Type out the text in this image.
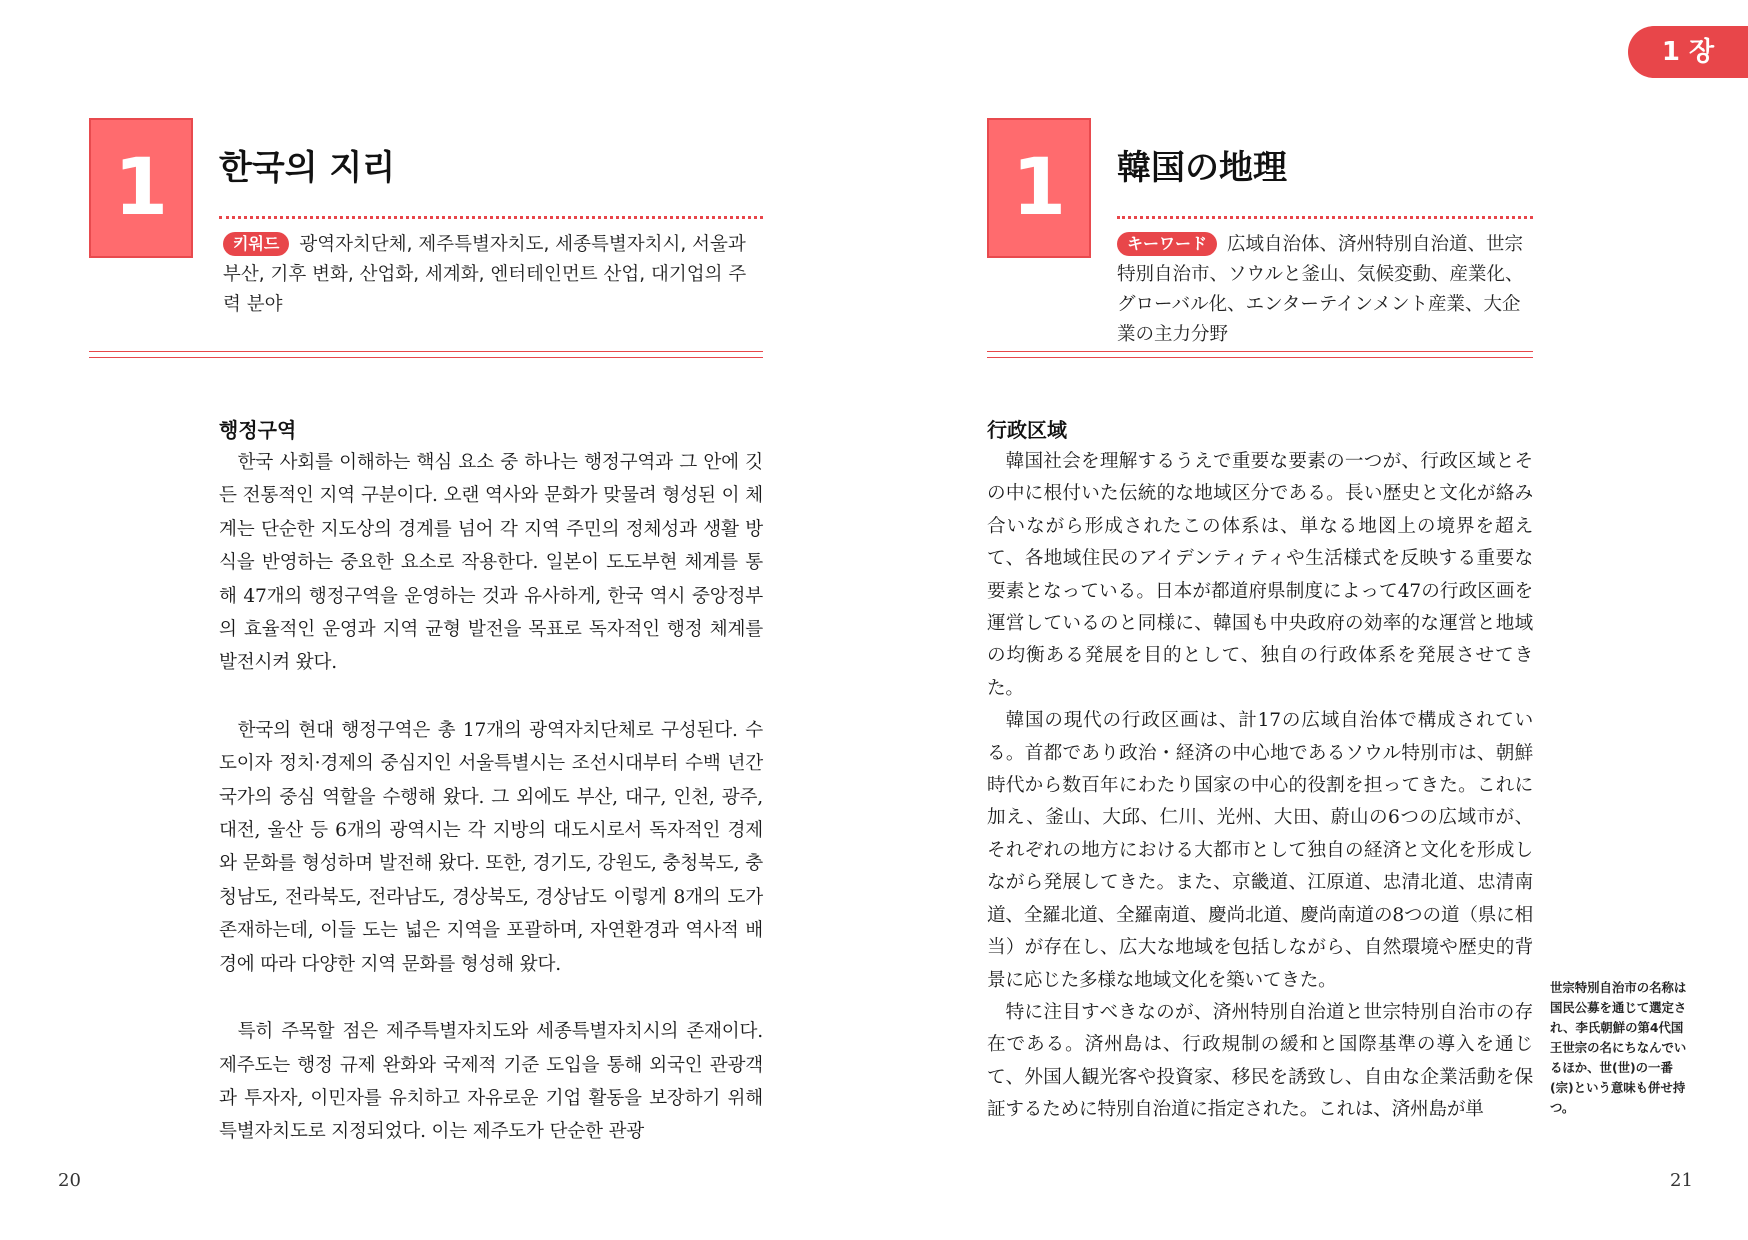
1	한국의 지리
키워드 광역자치단체, 제주특별자치도, 세종특별자치시, 서울과 부산, 기후 변화, 산업화, 세계화, 엔터테인먼트 산업, 대기업의 주력 분야
행정구역

한국 사회를 이해하는 핵심 요소 중 하나는 행정구역과 그 안에 깃든 전통적인 지역 구분이다. 오랜 역사와 문화가 맞물려 형성된 이 체계는 단순한 지도상의 경계를 넘어 각 지역 주민의 정체성과 생활 방식을 반영하는 중요한 요소로 작용한다. 일본이 도도부현 체계를 통해 47개의 행정구역을 운영하는 것과 유사하게, 한국 역시 중앙정부의 효율적인 운영과 지역 균형 발전을 목표로 독자적인 행정 체계를 발전시켜 왔다.

한국의 현대 행정구역은 총 17개의 광역자치단체로 구성된다. 수도이자 정치·경제의 중심지인 서울특별시는 조선시대부터 수백 년간 국가의 중심 역할을 수행해 왔다. 그 외에도 부산, 대구, 인천, 광주, 대전, 울산 등 6개의 광역시는 각 지방의 대도시로서 독자적인 경제와 문화를 형성하며 발전해 왔다. 또한, 경기도, 강원도, 충청북도, 충청남도, 전라북도, 전라남도, 경상북도, 경상남도 이렇게 8개의 도가 존재하는데, 이들 도는 넓은 지역을 포괄하며, 자연환경과 역사적 배경에 따라 다양한 지역 문화를 형성해 왔다.

특히 주목할 점은 제주특별자치도와 세종특별자치시의 존재이다. 제주도는 행정 규제 완화와 국제적 기준 도입을 통해 외국인 관광객과 투자자, 이민자를 유치하고 자유로운 기업 활동을 보장하기 위해 특별자치도로 지정되었다. 이는 제주도가 단순한 관광

20
1 장
1	韓国の地理
キーワード 広域自治体、済州特別自治道、世宗特別自治市、ソウルと釜山、気候変動、産業化、グローバル化、エンターテインメント産業、大企業の主力分野
行政区域

韓国社会を理解するうえで重要な要素の一つが、行政区域とその中に根付いた伝統的な地域区分である。長い歴史と文化が絡み合いながら形成されたこの体系は、単なる地図上の境界を超えて、各地域住民のアイデンティティや生活様式を反映する重要な要素となっている。日本が都道府県制度によって47の行政区画を運営しているのと同様に、韓国も中央政府の効率的な運営と地域の均衡ある発展を目的として、独自の行政体系を発展させてきた。

韓国の現代の行政区画は、計17の広域自治体で構成されている。首都であり政治・経済の中心地であるソウル特別市は、朝鮮時代から数百年にわたり国家の中心的役割を担ってきた。これに加え、釜山、大邱、仁川、光州、大田、蔚山の6つの広域市が、それぞれの地方における大都市として独自の経済と文化を形成しながら発展してきた。また、京畿道、江原道、忠清北道、忠清南道、全羅北道、全羅南道、慶尚北道、慶尚南道の8つの道（県に相当）が存在し、広大な地域を包括しながら、自然環境や歴史的背景に応じた多様な地域文化を築いてきた。

特に注目すべきなのが、済州特別自治道と世宗特別自治市の存在である。済州島は、行政規制の緩和と国際基準の導入を通じて、外国人観光客や投資家、移民を誘致し、自由な企業活動を保証するために特別自治道に指定された。これは、済州島が単

21
世宗特別自治市の名称は国民公募を通じて選定され、李氏朝鮮の第4代国王世宗の名にちなんでいるほか、世(世)の一番(宗)という意味も併せ持つ。
